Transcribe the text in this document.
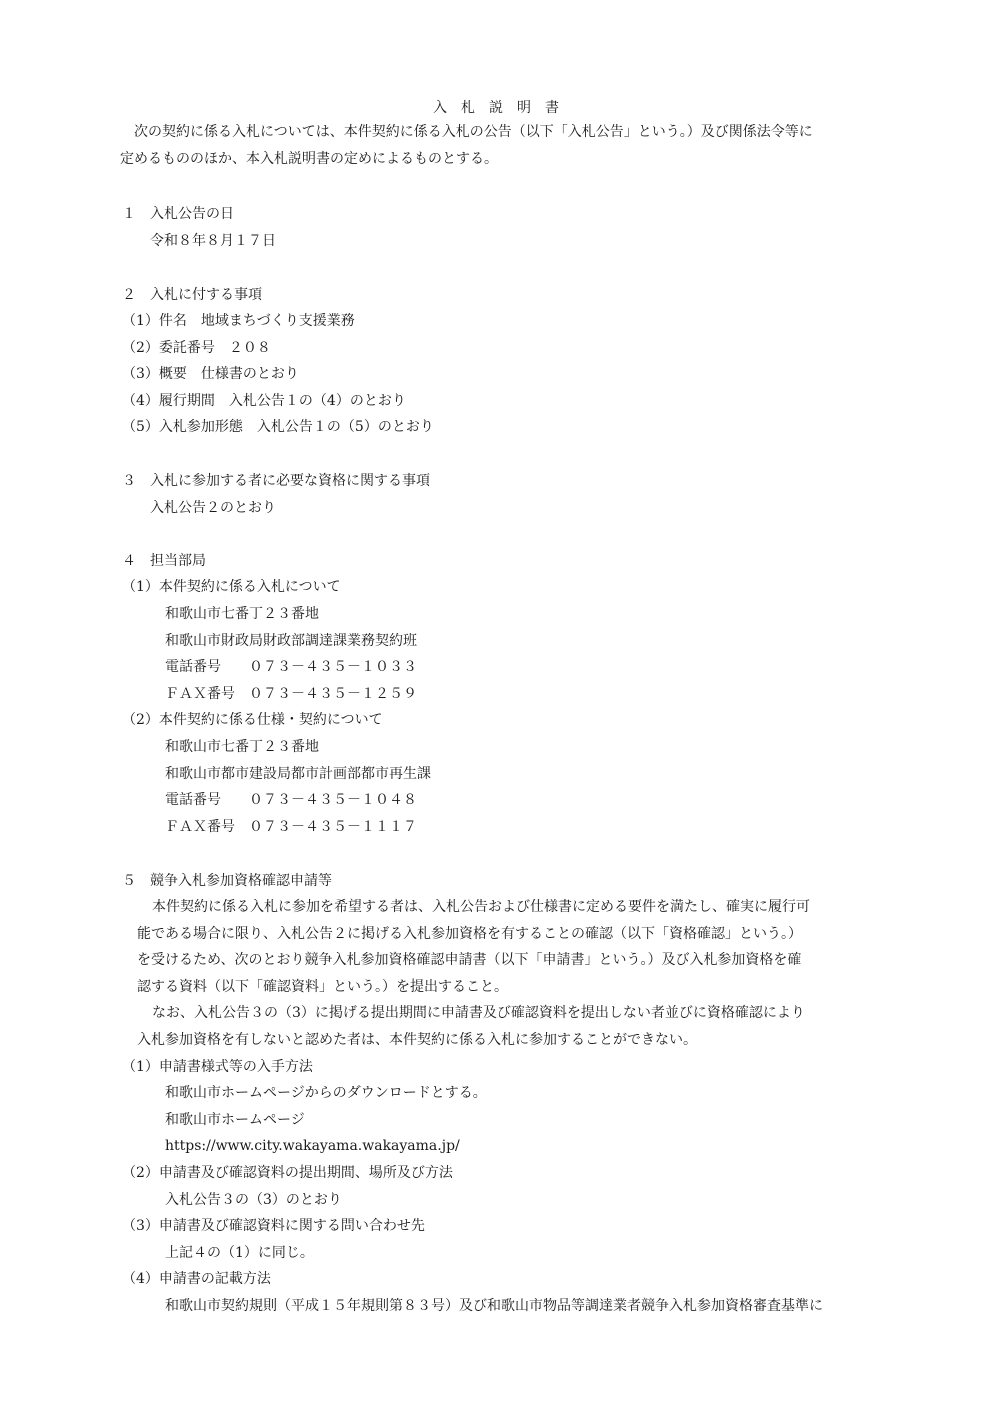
入札説明書
　次の契約に係る入札については、本件契約に係る入札の公告（以下「入札公告」という。）及び関係法令等に
定めるもののほか、本入札説明書の定めによるものとする。
１　入札公告の日
令和８年８月１７日
２　入札に付する事項
（1）件名　地域まちづくり支援業務
（2）委託番号　２０８
（3）概要　仕様書のとおり
（4）履行期間　入札公告１の（4）のとおり
（5）入札参加形態　入札公告１の（5）のとおり
３　入札に参加する者に必要な資格に関する事項
入札公告２のとおり
４　担当部局
（1）本件契約に係る入札について
和歌山市七番丁２３番地
和歌山市財政局財政部調達課業務契約班
電話番号　　０７３－４３５－１０３３
ＦＡＸ番号　０７３－４３５－１２５９
（2）本件契約に係る仕様・契約について
和歌山市七番丁２３番地
和歌山市都市建設局都市計画部都市再生課
電話番号　　０７３－４３５－１０４８
ＦＡＸ番号　０７３－４３５－１１１７
５　競争入札参加資格確認申請等
本件契約に係る入札に参加を希望する者は、入札公告および仕様書に定める要件を満たし、確実に履行可
能である場合に限り、入札公告２に掲げる入札参加資格を有することの確認（以下「資格確認」という。）
を受けるため、次のとおり競争入札参加資格確認申請書（以下「申請書」という。）及び入札参加資格を確
認する資料（以下「確認資料」という。）を提出すること。
なお、入札公告３の（3）に掲げる提出期間に申請書及び確認資料を提出しない者並びに資格確認により
入札参加資格を有しないと認めた者は、本件契約に係る入札に参加することができない。
（1）申請書様式等の入手方法
和歌山市ホームページからのダウンロードとする。
和歌山市ホームページ
https://www.city.wakayama.wakayama.jp/
（2）申請書及び確認資料の提出期間、場所及び方法
入札公告３の（3）のとおり
（3）申請書及び確認資料に関する問い合わせ先
上記４の（1）に同じ。
（4）申請書の記載方法
和歌山市契約規則（平成１５年規則第８３号）及び和歌山市物品等調達業者競争入札参加資格審査基準に
